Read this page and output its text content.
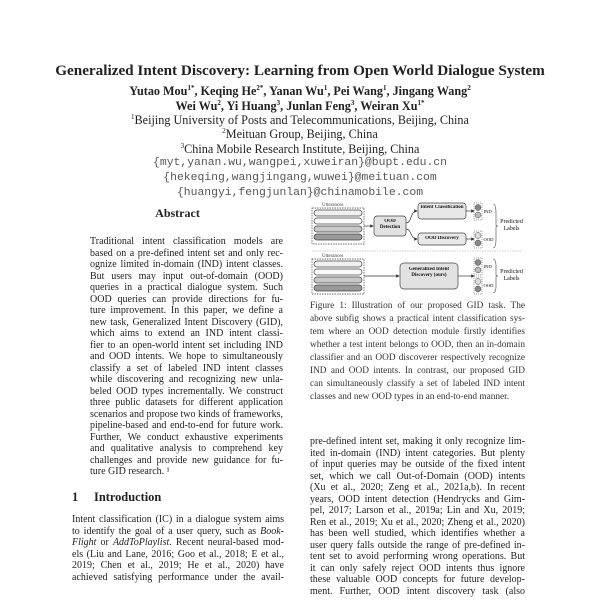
Generalized Intent Discovery: Learning from Open World Dialogue System
Yutao Mou$^{1*}$, Keqing $He^{2*}$, Yanan Wu$^1$, Pei Wang$^1$, Jingang Wang$^2$
Wei Wu$^2$, Yi Huang$^3$, Junlan Feng$^3$, Weiran $Xu^{1*}$
$^1$Beijing University of Posts and Telecommunications, Beijing, China
$^2$Meituan Group, Beijing, China
$^3$China Mobile Research Institute, Beijing, China
{myt,yanan.wu,wangpei,xuweiran}@bupt.edu.cn
{hekeqing,wangjingang,wuwei}@meituan.com
{huangyi,fengjunlan}@chinamobile.com
Abstract
Traditional intent classification models are
based on a pre-defined intent set and only rec-
ognize limited in-domain (IND) intent classes.
But users may input out-of-domain (OOD)
queries in a practical dialogue system. Such
OOD queries can provide directions for fu-
ture improvement. In this paper, we define a
new task, Generalized Intent Discovery (GID),
which aims to extend an IND intent classi-
fier to an open-world intent set including IND
and OOD intents. We hope to simultaneously
classify a set of labeled IND intent classes
while discovering and recognizing new unla-
beled OOD types incrementally. We construct
three public datasets for different application
scenarios and propose two kinds of frameworks,
pipeline-based and end-to-end for future work.
Further, We conduct exhaustive experiments
and qualitative analysis to comprehend key
challenges and provide new guidance for fu-
ture GID research. ¹
1 Introduction
Intent classification (IC) in a dialogue system aims
to identify the goal of a user query, such as Book-
Flight or AddToPlaylist. Recent neural-based mod-
els (Liu and Lane, 2016; Goo et al., 2018; E et al.,
2019; Chen et al., 2019; He et al., 2020) have
achieved satisfying performance under the avail-
Utterances
OOD Detection
Intent Classification
OOD Discovery
IND
OOD
Predicted Labels
Utterances
Generalized Intent Discovery (ours)
IND
OOD
Predicted Labels
Figure 1: Illustration of our proposed GID task. The
above subfig shows a practical intent classification sys-
tem where an OOD detection module firstly identifies
whether a test intent belongs to OOD, then an in-domain
classifier and an OOD discoverer respectively recognize
IND and OOD intents. In contrast, our proposed GID
can simultaneously classify a set of labeled IND intent
classes and new OOD types in an end-to-end manner.
pre-defined intent set, making it only recognize lim-
ited in-domain (IND) intent categories. But plenty
of input queries may be outside of the fixed intent
set, which we call Out-of-Domain (OOD) intents
(Xu et al., 2020; Zeng et al., 2021a,b). In recent
years, OOD intent detection (Hendrycks and Gim-
pel, 2017; Larson et al., 2019a; Lin and Xu, 2019;
Ren et al., 2019; Xu et al., 2020; Zheng et al., 2020)
has been well studied, which identifies whether a
user query falls outside the range of pre-defined in-
tent set to avoid performing wrong operations. But
it can only safely reject OOD intents thus ignore
these valuable OOD concepts for future develop-
ment. Further, OOD intent discovery task (also
